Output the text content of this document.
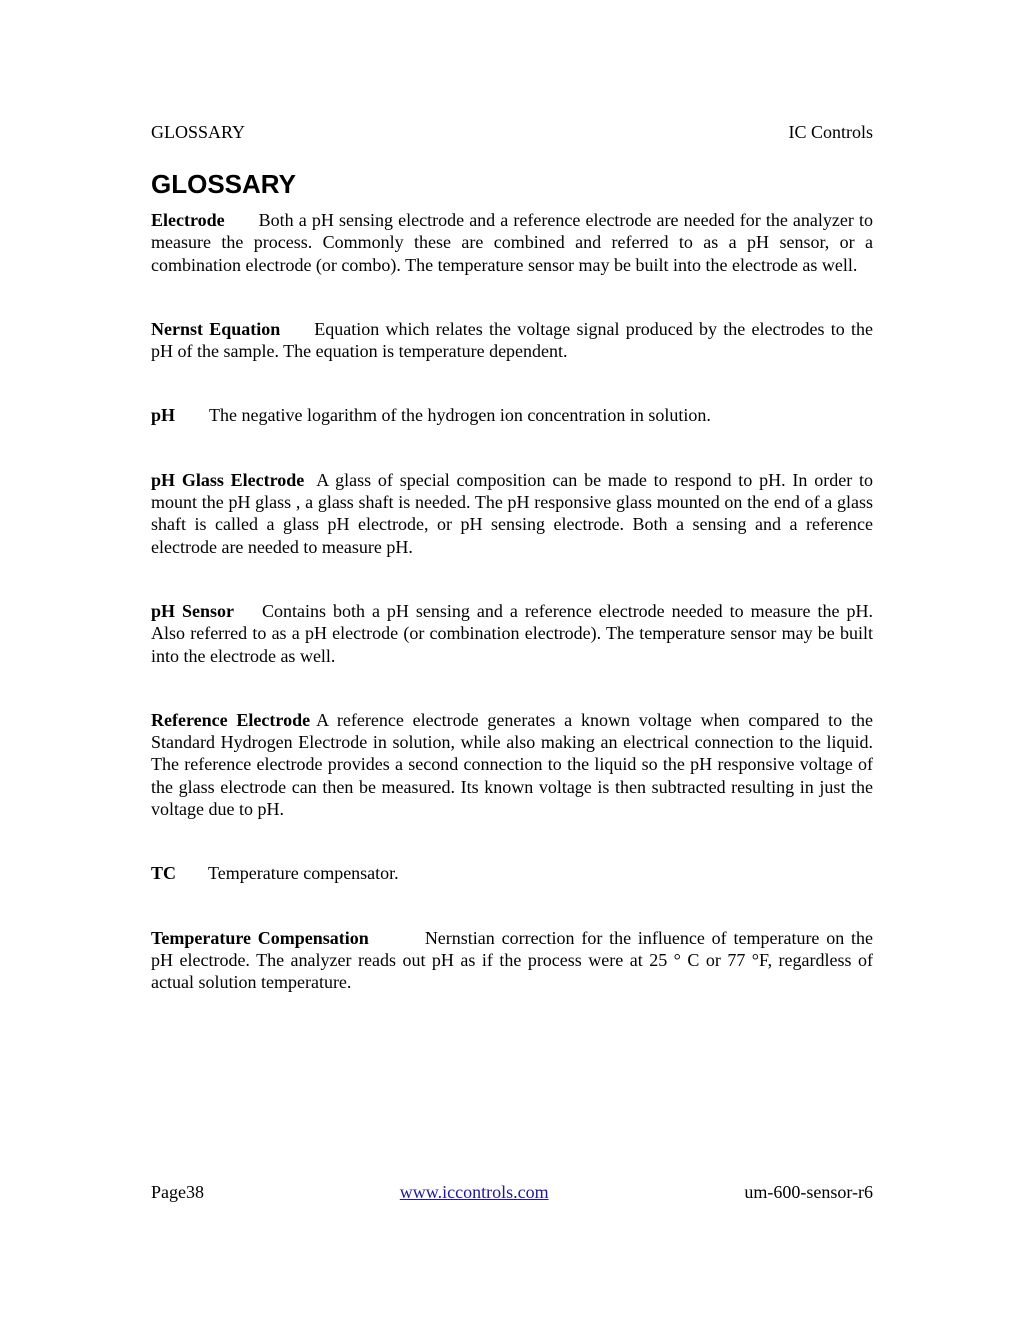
GLOSSARY	IC Controls
GLOSSARY

Electrode Both a pH sensing electrode and a reference electrode are needed for the analyzer to measure the process. Commonly these are combined and referred to as a pH sensor, or a combination electrode (or combo). The temperature sensor may be built into the electrode as well.

Nernst Equation Equation which relates the voltage signal produced by the electrodes to the pH of the sample. The equation is temperature dependent.

pH The negative logarithm of the hydrogen ion concentration in solution.

pH Glass Electrode A glass of special composition can be made to respond to pH. In order to mount the pH glass , a glass shaft is needed. The pH responsive glass mounted on the end of a glass shaft is called a glass pH electrode, or pH sensing electrode. Both a sensing and a reference electrode are needed to measure pH.

pH Sensor Contains both a pH sensing and a reference electrode needed to measure the pH. Also referred to as a pH electrode (or combination electrode). The temperature sensor may be built into the electrode as well.

Reference Electrode A reference electrode generates a known voltage when compared to the Standard Hydrogen Electrode in solution, while also making an electrical connection to the liquid. The reference electrode provides a second connection to the liquid so the pH responsive voltage of the glass electrode can then be measured. Its known voltage is then subtracted resulting in just the voltage due to pH.

TC Temperature compensator.

Temperature Compensation	Nernstian correction for the influence of temperature on the pH electrode. The analyzer reads out pH as if the process were at 25 ° C or 77 °F, regardless of actual solution temperature.

Page38	www.iccontrols.com	um-600-sensor-r6
